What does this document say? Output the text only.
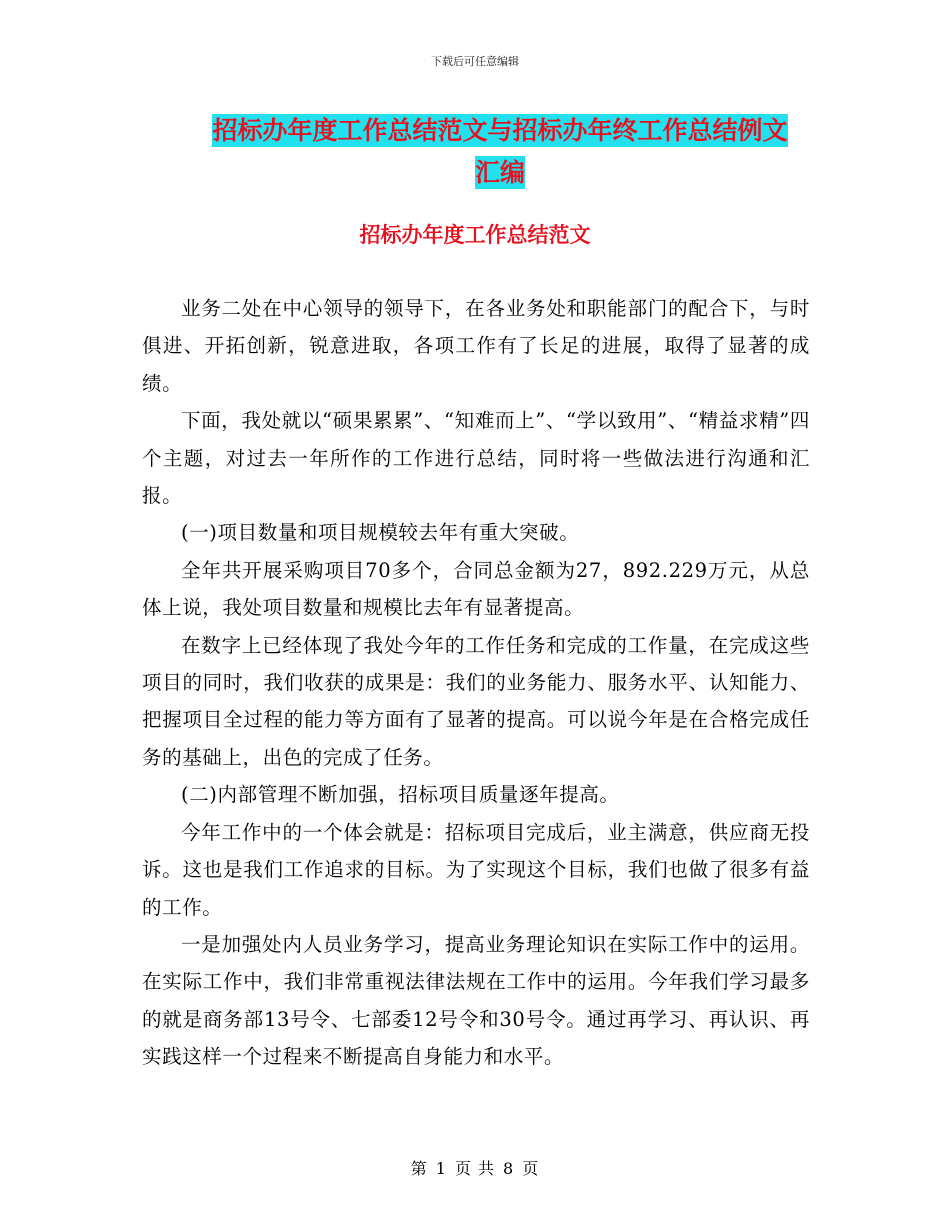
下载后可任意编辑
招标办年度工作总结范文与招标办年终工作总结例文
汇编
招标办年度工作总结范文

业务二处在中心领导的领导下，在各业务处和职能部门的配合下，与时俱进、开拓创新，锐意进取，各项工作有了长足的进展，取得了显著的成绩。

下面，我处就以“硕果累累”、“知难而上”、“学以致用”、“精益求精”四个主题，对过去一年所作的工作进行总结，同时将一些做法进行沟通和汇报。

(一)项目数量和项目规模较去年有重大突破。

全年共开展采购项目70多个，合同总金额为27，892.229万元，从总体上说，我处项目数量和规模比去年有显著提高。

在数字上已经体现了我处今年的工作任务和完成的工作量，在完成这些项目的同时，我们收获的成果是：我们的业务能力、服务水平、认知能力、把握项目全过程的能力等方面有了显著的提高。可以说今年是在合格完成任务的基础上，出色的完成了任务。

(二)内部管理不断加强，招标项目质量逐年提高。

今年工作中的一个体会就是：招标项目完成后，业主满意，供应商无投诉。这也是我们工作追求的目标。为了实现这个目标，我们也做了很多有益的工作。

一是加强处内人员业务学习，提高业务理论知识在实际工作中的运用。在实际工作中，我们非常重视法律法规在工作中的运用。今年我们学习最多的就是商务部13号令、七部委12号令和30号令。通过再学习、再认识、再实践这样一个过程来不断提高自身能力和水平。

第 1 页 共 8 页
